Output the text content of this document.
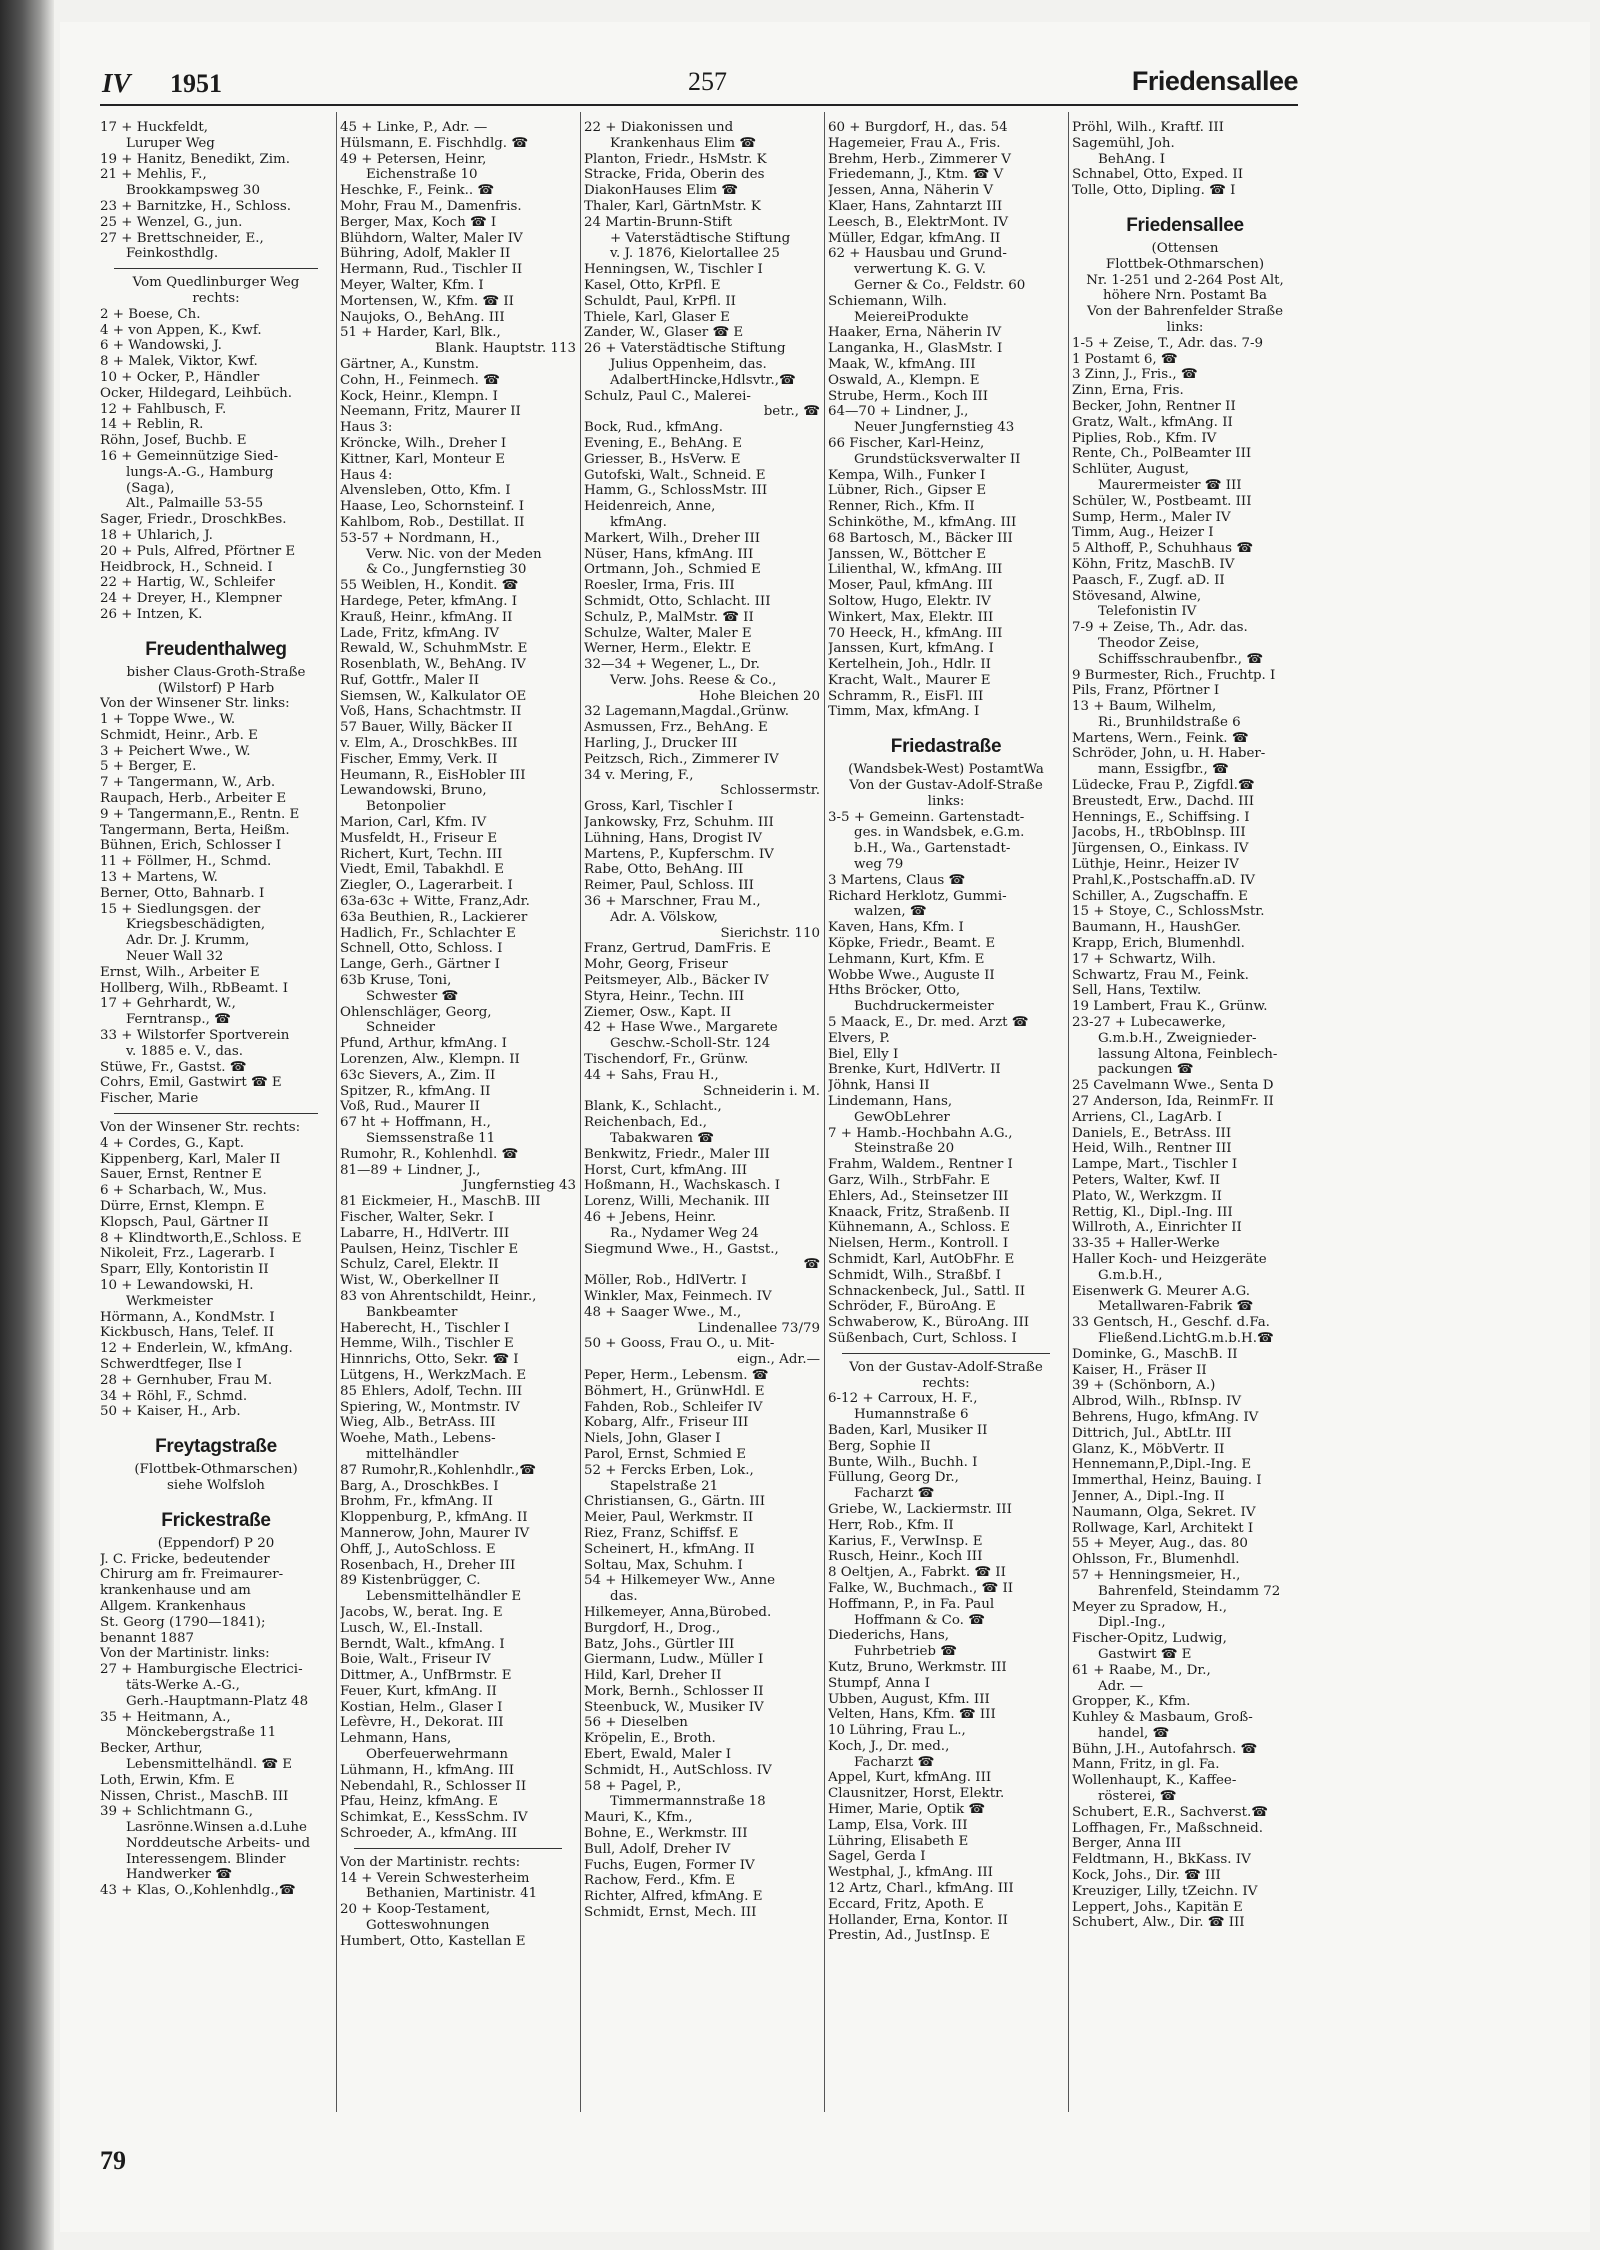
IV 1951	257	Friedensallee
17 + Huckfeldt,
Luruper Weg
19 + Hanitz, Benedikt, Zim.
21 + Mehlis, F.,
Brookkampsweg 30
23 + Barnitzke, H., Schloss.
25 + Wenzel, G., jun.
27 + Brettschneider, E.,
Feinkosthdlg.
Vom Quedlinburger Weg
rechts:
2 + Boese, Ch.
4 + von Appen, K., Kwf.
6 + Wandowski, J.
8 + Malek, Viktor, Kwf.
10 + Ocker, P., Händler
Ocker, Hildegard, Leihbüch.
12 + Fahlbusch, F.
14 + Reblin, R.
Röhn, Josef, Buchb. E
16 + Gemeinnützige Sied-
lungs-A.-G., Hamburg
(Saga),
Alt., Palmaille 53-55
Sager, Friedr., DroschkBes.
18 + Uhlarich, J.
20 + Puls, Alfred, Pförtner E
Heidbrock, H., Schneid. I
22 + Hartig, W., Schleifer
24 + Dreyer, H., Klempner
26 + Intzen, K.
Freudenthalweg
bisher Claus-Groth-Straße
(Wilstorf) P Harb
Von der Winsener Str. links:
1 + Toppe Wwe., W.
Schmidt, Heinr., Arb. E
3 + Peichert Wwe., W.
5 + Berger, E.
7 + Tangermann, W., Arb.
Raupach, Herb., Arbeiter E
9 + Tangermann,E., Rentn. E
Tangermann, Berta, Heißm.
Bühnen, Erich, Schlosser I
11 + Föllmer, H., Schmd.
13 + Martens, W.
Berner, Otto, Bahnarb. I
15 + Siedlungsgen. der
Kriegsbeschädigten,
Adr. Dr. J. Krumm,
Neuer Wall 32
Ernst, Wilh., Arbeiter E
Hollberg, Wilh., RbBeamt. I
17 + Gehrhardt, W.,
Ferntransp., ☎
33 + Wilstorfer Sportverein
v. 1885 e. V., das.
Stüwe, Fr., Gastst. ☎
Cohrs, Emil, Gastwirt ☎ E
Fischer, Marie
Von der Winsener Str. rechts:
4 + Cordes, G., Kapt.
Kippenberg, Karl, Maler II
Sauer, Ernst, Rentner E
6 + Scharbach, W., Mus.
Dürre, Ernst, Klempn. E
Klopsch, Paul, Gärtner II
8 + Klindtworth,E.,Schloss. E
Nikoleit, Frz., Lagerarb. I
Sparr, Elly, Kontoristin II
10 + Lewandowski, H.
Werkmeister
Hörmann, A., KondMstr. I
Kickbusch, Hans, Telef. II
12 + Enderlein, W., kfmAng.
Schwerdtfeger, Ilse I
28 + Gernhuber, Frau M.
34 + Röhl, F., Schmd.
50 + Kaiser, H., Arb.
Freytagstraße
(Flottbek-Othmarschen)
siehe Wolfsloh
Frickestraße
(Eppendorf) P 20
J. C. Fricke, bedeutender
Chirurg am fr. Freimaurer-
krankenhause und am
Allgem. Krankenhaus
St. Georg (1790—1841);
benannt 1887
Von der Martinistr. links:
27 + Hamburgische Electrici-
täts-Werke A.-G.,
Gerh.-Hauptmann-Platz 48
35 + Heitmann, A.,
Mönckebergstraße 11
Becker, Arthur,
Lebensmittelhändl. ☎ E
Loth, Erwin, Kfm. E
Nissen, Christ., MaschB. III
39 + Schlichtmann G.,
Lasrönne.Winsen a.d.Luhe
Norddeutsche Arbeits- und
Interessengem. Blinder
Handwerker ☎
43 + Klas, O.,Kohlenhdlg.,☎
45 + Linke, P., Adr. —
Hülsmann, E. Fischhdlg. ☎
49 + Petersen, Heinr,
Eichenstraße 10
Heschke, F., Feink.. ☎
Mohr, Frau M., Damenfris.
Berger, Max, Koch ☎ I
Blühdorn, Walter, Maler IV
Bühring, Adolf, Makler II
Hermann, Rud., Tischler II
Meyer, Walter, Kfm. I
Mortensen, W., Kfm. ☎ II
Naujoks, O., BehAng. III
51 + Harder, Karl, Blk.,
Blank. Hauptstr. 113
Gärtner, A., Kunstm.
Cohn, H., Feinmech. ☎
Kock, Heinr., Klempn. I
Neemann, Fritz, Maurer II
Haus 3:
Kröncke, Wilh., Dreher I
Kittner, Karl, Monteur E
Haus 4:
Alvensleben, Otto, Kfm. I
Haase, Leo, Schornsteinf. I
Kahlbom, Rob., Destillat. II
53-57 + Nordmann, H.,
Verw. Nic. von der Meden
& Co., Jungfernstieg 30
55 Weiblen, H., Kondit. ☎
Hardege, Peter, kfmAng. I
Krauß, Heinr., kfmAng. II
Lade, Fritz, kfmAng. IV
Rewald, W., SchuhmMstr. E
Rosenblath, W., BehAng. IV
Ruf, Gottfr., Maler II
Siemsen, W., Kalkulator OE
Voß, Hans, Schachtmstr. II
57 Bauer, Willy, Bäcker II
v. Elm, A., DroschkBes. III
Fischer, Emmy, Verk. II
Heumann, R., EisHobler III
Lewandowski, Bruno,
Betonpolier
Marion, Carl, Kfm. IV
Musfeldt, H., Friseur E
Richert, Kurt, Techn. III
Viedt, Emil, Tabakhdl. E
Ziegler, O., Lagerarbeit. I
63a-63c + Witte, Franz,Adr.
63a Beuthien, R., Lackierer
Hadlich, Fr., Schlachter E
Schnell, Otto, Schloss. I
Lange, Gerh., Gärtner I
63b Kruse, Toni,
Schwester ☎
Öhlenschläger, Georg,
Schneider
Pfund, Arthur, kfmAng. I
Lorenzen, Alw., Klempn. II
63c Sievers, A., Zim. II
Spitzer, R., kfmAng. II
Voß, Rud., Maurer II
67 ht + Hoffmann, H.,
Siemssenstraße 11
Rumohr, R., Kohlenhdl. ☎
81—89 + Lindner, J.,
Jungfernstieg 43
81 Eickmeier, H., MaschB. III
Fischer, Walter, Sekr. I
Labarre, H., HdlVertr. III
Paulsen, Heinz, Tischler E
Schulz, Carel, Elektr. II
Wist, W., Oberkellner II
83 von Ahrentschildt, Heinr.,
Bankbeamter
Haberecht, H., Tischler I
Hemme, Wilh., Tischler E
Hinnrichs, Otto, Sekr. ☎ I
Lütgens, H., WerkzMach. E
85 Ehlers, Adolf, Techn. III
Spiering, W., Montmstr. IV
Wieg, Alb., BetrAss. III
Woehe, Math., Lebens-
mittelhändler
87 Rumohr,R.,Kohlenhdlr.,☎
Barg, A., DroschkBes. I
Brohm, Fr., kfmAng. II
Kloppenburg, P., kfmAng. II
Mannerow, John, Maurer IV
Ohff, J., AutoSchloss. E
Rosenbach, H., Dreher III
89 Kistenbrügger, C.
Lebensmittelhändler E
Jacobs, W., berat. Ing. E
Lusch, W., El.-Install.
Berndt, Walt., kfmAng. I
Boie, Walt., Friseur IV
Dittmer, A., UnfBrmstr. E
Feuer, Kurt, kfmAng. II
Kostian, Helm., Glaser I
Lefèvre, H., Dekorat. III
Lehmann, Hans,
Oberfeuerwehrmann
Lühmann, H., kfmAng. III
Nebendahl, R., Schlosser II
Pfau, Heinz, kfmAng. E
Schimkat, E., KessSchm. IV
Schroeder, A., kfmAng. III
Von der Martinistr. rechts:
14 + Verein Schwesterheim
Bethanien, Martinistr. 41
20 + Koop-Testament,
Gotteswohnungen
Humbert, Otto, Kastellan E
22 + Diakonissen und
Krankenhaus Elim ☎
Planton, Friedr., HsMstr. K
Stracke, Frida, Oberin des
DiakonHauses Elim ☎
Thaler, Karl, GärtnMstr. K
24 Martin-Brunn-Stift
+ Vaterstädtische Stiftung
v. J. 1876, Kielortallee 25
Henningsen, W., Tischler I
Kasel, Otto, KrPfl. E
Schuldt, Paul, KrPfl. II
Thiele, Karl, Glaser E
Zander, W., Glaser ☎ E
26 + Vaterstädtische Stiftung
Julius Oppenheim, das.
AdalbertHincke,Hdlsvtr.,☎
Schulz, Paul C., Malerei-
betr., ☎
Bock, Rud., kfmAng.
Evening, E., BehAng. E
Griesser, B., HsVerw. E
Gutofski, Walt., Schneid. E
Hamm, G., SchlossMstr. III
Heidenreich, Anne,
kfmAng.
Markert, Wilh., Dreher III
Nüser, Hans, kfmAng. III
Ortmann, Joh., Schmied E
Roesler, Irma, Fris. III
Schmidt, Otto, Schlacht. III
Schulz, P., MalMstr. ☎ II
Schulze, Walter, Maler E
Werner, Herm., Elektr. E
32—34 + Wegener, L., Dr.
Verw. Johs. Reese & Co.,
Hohe Bleichen 20
32 Lagemann,Magdal.,Grünw.
Asmussen, Frz., BehAng. E
Harling, J., Drucker III
Peitzsch, Rich., Zimmerer IV
34 v. Mering, F.,
Schlossermstr.
Gross, Karl, Tischler I
Jankowsky, Frz, Schuhm. III
Lühning, Hans, Drogist IV
Martens, P., Kupferschm. IV
Rabe, Otto, BehAng. III
Reimer, Paul, Schloss. III
36 + Marschner, Frau M.,
Adr. A. Völskow,
Sierichstr. 110
Franz, Gertrud, DamFris. E
Mohr, Georg, Friseur
Peitsmeyer, Alb., Bäcker IV
Styra, Heinr., Techn. III
Ziemer, Osw., Kapt. II
42 + Hase Wwe., Margarete
Geschw.-Scholl-Str. 124
Tischendorf, Fr., Grünw.
44 + Sahs, Frau H.,
Schneiderin i. M.
Blank, K., Schlacht.,
Reichenbach, Ed.,
Tabakwaren ☎
Benkwitz, Friedr., Maler III
Horst, Curt, kfmAng. III
Hoßmann, H., Wachskasch. I
Lorenz, Willi, Mechanik. III
46 + Jebens, Heinr.
Ra., Nydamer Weg 24
Siegmund Wwe., H., Gastst.,
☎
Möller, Rob., HdlVertr. I
Winkler, Max, Feinmech. IV
48 + Saager Wwe., M.,
Lindenallee 73/79
50 + Gooss, Frau O., u. Mit-
eign., Adr.—
Peper, Herm., Lebensm. ☎
Böhmert, H., GrünwHdl. E
Fahden, Rob., Schleifer IV
Kobarg, Alfr., Friseur III
Niels, John, Glaser I
Parol, Ernst, Schmied E
52 + Fercks Erben, Lok.,
Stapelstraße 21
Christiansen, G., Gärtn. III
Meier, Paul, Werkmstr. II
Riez, Franz, Schiffsf. E
Scheinert, H., kfmAng. II
Soltau, Max, Schuhm. I
54 + Hilkemeyer Ww., Anne
das.
Hilkemeyer, Anna,Bürobed.
Burgdorf, H., Drog.,
Batz, Johs., Gürtler III
Giermann, Ludw., Müller I
Hild, Karl, Dreher II
Mork, Bernh., Schlosser II
Steenbuck, W., Musiker IV
56 + Dieselben
Kröpelin, E., Broth.
Ebert, Ewald, Maler I
Schmidt, H., AutSchloss. IV
58 + Pagel, P.,
Timmermannstraße 18
Mauri, K., Kfm.,
Bohne, E., Werkmstr. III
Bull, Adolf, Dreher IV
Fuchs, Eugen, Former IV
Rachow, Ferd., Kfm. E
Richter, Alfred, kfmAng. E
Schmidt, Ernst, Mech. III
60 + Burgdorf, H., das. 54
Hagemeier, Frau A., Fris.
Brehm, Herb., Zimmerer V
Friedemann, J., Ktm. ☎ V
Jessen, Anna, Näherin V
Klaer, Hans, Zahntarzt III
Leesch, B., ElektrMont. IV
Müller, Edgar, kfmAng. II
62 + Hausbau und Grund-
verwertung K. G. V.
Gerner & Co., Feldstr. 60
Schiemann, Wilh.
MeiereiProdukte
Haaker, Erna, Näherin IV
Langanka, H., GlasMstr. I
Maak, W., kfmAng. III
Oswald, A., Klempn. E
Strube, Herm., Koch III
64—70 + Lindner, J.,
Neuer Jungfernstieg 43
66 Fischer, Karl-Heinz,
Grundstücksverwalter II
Kempa, Wilh., Funker I
Lübner, Rich., Gipser E
Renner, Rich., Kfm. II
Schinköthe, M., kfmAng. III
68 Bartosch, M., Bäcker III
Janssen, W., Böttcher E
Lilienthal, W., kfmAng. III
Moser, Paul, kfmAng. III
Soltow, Hugo, Elektr. IV
Winkert, Max, Elektr. III
70 Heeck, H., kfmAng. III
Janssen, Kurt, kfmAng. I
Kertelhein, Joh., Hdlr. II
Kracht, Walt., Maurer E
Schramm, R., EisFl. III
Timm, Max, kfmAng. I
Friedastraße
(Wandsbek-West) PostamtWa
Von der Gustav-Adolf-Straße
links:
3-5 + Gemeinn. Gartenstadt-
ges. in Wandsbek, e.G.m.
b.H., Wa., Gartenstadt-
weg 79
3 Martens, Claus ☎
Richard Herklotz, Gummi-
walzen, ☎
Kaven, Hans, Kfm. I
Köpke, Friedr., Beamt. E
Lehmann, Kurt, Kfm. E
Wobbe Wwe., Auguste II
Hths Bröcker, Otto,
Buchdruckermeister
5 Maack, E., Dr. med. Arzt ☎
Elvers, P.
Biel, Elly I
Brenke, Kurt, HdlVertr. II
Jöhnk, Hansi II
Lindemann, Hans,
GewObLehrer
7 + Hamb.-Hochbahn A.G.,
Steinstraße 20
Frahm, Waldem., Rentner I
Garz, Wilh., StrbFahr. E
Ehlers, Ad., Steinsetzer III
Knaack, Fritz, Straßenb. II
Kühnemann, A., Schloss. E
Nielsen, Herm., Kontroll. I
Schmidt, Karl, AutObFhr. E
Schmidt, Wilh., Straßbf. I
Schnackenbeck, Jul., Sattl. II
Schröder, F., BüroAng. E
Schwaberow, K., BüroAng. III
Süßenbach, Curt, Schloss. I
Von der Gustav-Adolf-Straße
rechts:
6-12 + Carroux, H. F.,
Humannstraße 6
Baden, Karl, Musiker II
Berg, Sophie II
Bunte, Wilh., Buchh. I
Füllung, Georg Dr.,
Facharzt ☎
Griebe, W., Lackiermstr. III
Herr, Rob., Kfm. II
Karius, F., VerwInsp. E
Rusch, Heinr., Koch III
8 Oeltjen, A., Fabrkt. ☎ II
Falke, W., Buchmach., ☎ II
Hoffmann, P., in Fa. Paul
Hoffmann & Co. ☎
Diederichs, Hans,
Fuhrbetrieb ☎
Kutz, Bruno, Werkmstr. III
Stumpf, Anna I
Ubben, August, Kfm. III
Velten, Hans, Kfm. ☎ III
10 Lühring, Frau L.,
Koch, J., Dr. med.,
Facharzt ☎
Appel, Kurt, kfmAng. III
Clausnitzer, Horst, Elektr.
Himer, Marie, Optik ☎
Lamp, Elsa, Vork. III
Lühring, Elisabeth E
Sagel, Gerda I
Westphal, J., kfmAng. III
12 Artz, Charl., kfmAng. III
Eccard, Fritz, Apoth. E
Hollander, Erna, Kontor. II
Prestin, Ad., JustInsp. E
Pröhl, Wilh., Kraftf. III
Sagemühl, Joh.
BehAng. I
Schnabel, Otto, Exped. II
Tolle, Otto, Dipling. ☎ I
Friedensallee
(Ottensen
Flottbek-Othmarschen)
Nr. 1-251 und 2-264 Post Alt,
höhere Nrn. Postamt Ba
Von der Bahrenfelder Straße
links:
1-5 + Zeise, T., Adr. das. 7-9
1 Postamt 6, ☎
3 Zinn, J., Fris., ☎
Zinn, Erna, Fris.
Becker, John, Rentner II
Gratz, Walt., kfmAng. II
Piplies, Rob., Kfm. IV
Rente, Ch., PolBeamter III
Schlüter, August,
Maurermeister ☎ III
Schüler, W., Postbeamt. III
Sump, Herm., Maler IV
Timm, Aug., Heizer I
5 Althoff, P., Schuhhaus ☎
Köhn, Fritz, MaschB. IV
Paasch, F., Zugf. aD. II
Stövesand, Alwine,
Telefonistin IV
7-9 + Zeise, Th., Adr. das.
Theodor Zeise,
Schiffsschraubenfbr., ☎
9 Burmester, Rich., Fruchtp. I
Pils, Franz, Pförtner I
13 + Baum, Wilhelm,
Ri., Brunhildstraße 6
Martens, Wern., Feink. ☎
Schröder, John, u. H. Haber-
mann, Essigfbr., ☎
Lüdecke, Frau P., Zigfdl.☎
Breustedt, Erw., Dachd. III
Hennings, E., Schiffsing. I
Jacobs, H., tRbOblnsp. III
Jürgensen, O., Einkass. IV
Lüthje, Heinr., Heizer IV
Prahl,K.,Postschaffn.aD. IV
Schiller, A., Zugschaffn. E
15 + Stoye, C., SchlossMstr.
Baumann, H., HaushGer.
Krapp, Erich, Blumenhdl.
17 + Schwartz, Wilh.
Schwartz, Frau M., Feink.
Sell, Hans, Textilw.
19 Lambert, Frau K., Grünw.
23-27 + Lubecawerke,
G.m.b.H., Zweignieder-
lassung Altona, Feinblech-
packungen ☎
25 Cavelmann Wwe., Senta D
27 Anderson, Ida, ReinmFr. II
Arriens, Cl., LagArb. I
Daniels, E., BetrAss. III
Heid, Wilh., Rentner III
Lampe, Mart., Tischler I
Peters, Walter, Kwf. II
Plato, W., Werkzgm. II
Rettig, Kl., Dipl.-Ing. III
Willroth, A., Einrichter II
33-35 + Haller-Werke
Haller Koch- und Heizgeräte
G.m.b.H.,
Eisenwerk G. Meurer A.G.
Metallwaren-Fabrik ☎
33 Gentsch, H., Geschf. d.Fa.
Fließend.LichtG.m.b.H.☎
Dominke, G., MaschB. II
Kaiser, H., Fräser II
39 + (Schönborn, A.)
Albrod, Wilh., RbInsp. IV
Behrens, Hugo, kfmAng. IV
Dittrich, Jul., AbtLtr. III
Glanz, K., MöbVertr. II
Hennemann,P.,Dipl.-Ing. E
Immerthal, Heinz, Bauing. I
Jenner, A., Dipl.-Ing. II
Naumann, Olga, Sekret. IV
Rollwage, Karl, Architekt I
55 + Meyer, Aug., das. 80
Ohlsson, Fr., Blumenhdl.
57 + Henningsmeier, H.,
Bahrenfeld, Steindamm 72
Meyer zu Spradow, H.,
Dipl.-Ing.,
Fischer-Opitz, Ludwig,
Gastwirt ☎ E
61 + Raabe, M., Dr.,
Adr. —
Gropper, K., Kfm.
Kuhley & Masbaum, Groß-
handel, ☎
Bühn, J.H., Autofahrsch. ☎
Mann, Fritz, in gl. Fa.
Wollenhaupt, K., Kaffee-
rösterei, ☎
Schubert, E.R., Sachverst.☎
Loffhagen, Fr., Maßschneid.
Berger, Anna III
Feldtmann, H., BkKass. IV
Kock, Johs., Dir. ☎ III
Kreuziger, Lilly, tZeichn. IV
Leppert, Johs., Kapitän E
Schubert, Alw., Dir. ☎ III
79
